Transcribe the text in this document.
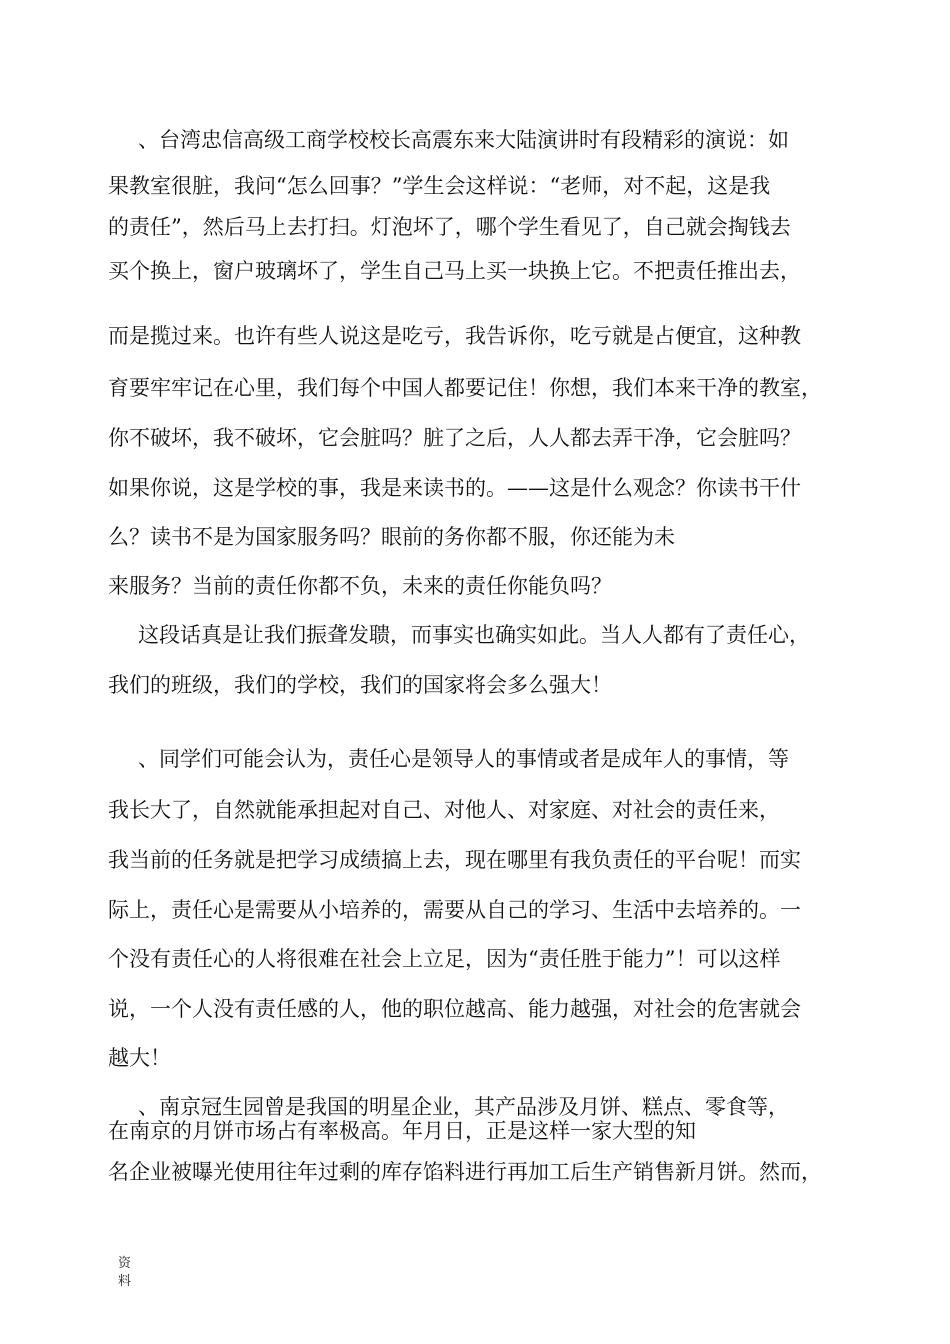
、台湾忠信高级工商学校校长高震东来大陆演讲时有段精彩的演说：如
果教室很脏，我问“怎么回事？”学生会这样说：“老师，对不起，这是我
的责任”，然后马上去打扫。灯泡坏了，哪个学生看见了，自己就会掏钱去
买个换上，窗户玻璃坏了，学生自己马上买一块换上它。不把责任推出去，
而是揽过来。也许有些人说这是吃亏，我告诉你，吃亏就是占便宜，这种教
育要牢牢记在心里，我们每个中国人都要记住！你想，我们本来干净的教室，
你不破坏，我不破坏，它会脏吗？脏了之后，人人都去弄干净，它会脏吗？
如果你说，这是学校的事，我是来读书的。——这是什么观念？你读书干什
么？读书不是为国家服务吗？眼前的务你都不服，你还能为未
来服务？当前的责任你都不负，未来的责任你能负吗？
这段话真是让我们振聋发聩，而事实也确实如此。当人人都有了责任心，
我们的班级，我们的学校，我们的国家将会多么强大！
、同学们可能会认为，责任心是领导人的事情或者是成年人的事情，等
我长大了，自然就能承担起对自己、对他人、对家庭、对社会的责任来，
我当前的任务就是把学习成绩搞上去，现在哪里有我负责任的平台呢！而实
际上，责任心是需要从小培养的，需要从自己的学习、生活中去培养的。一
个没有责任心的人将很难在社会上立足，因为“责任胜于能力”！可以这样
说，一个人没有责任感的人，他的职位越高、能力越强，对社会的危害就会
越大！
、南京冠生园曾是我国的明星企业，其产品涉及月饼、糕点、零食等，
在南京的月饼市场占有率极高。年月日，正是这样一家大型的知
名企业被曝光使用往年过剩的库存馅料进行再加工后生产销售新月饼。然而，
资
料
